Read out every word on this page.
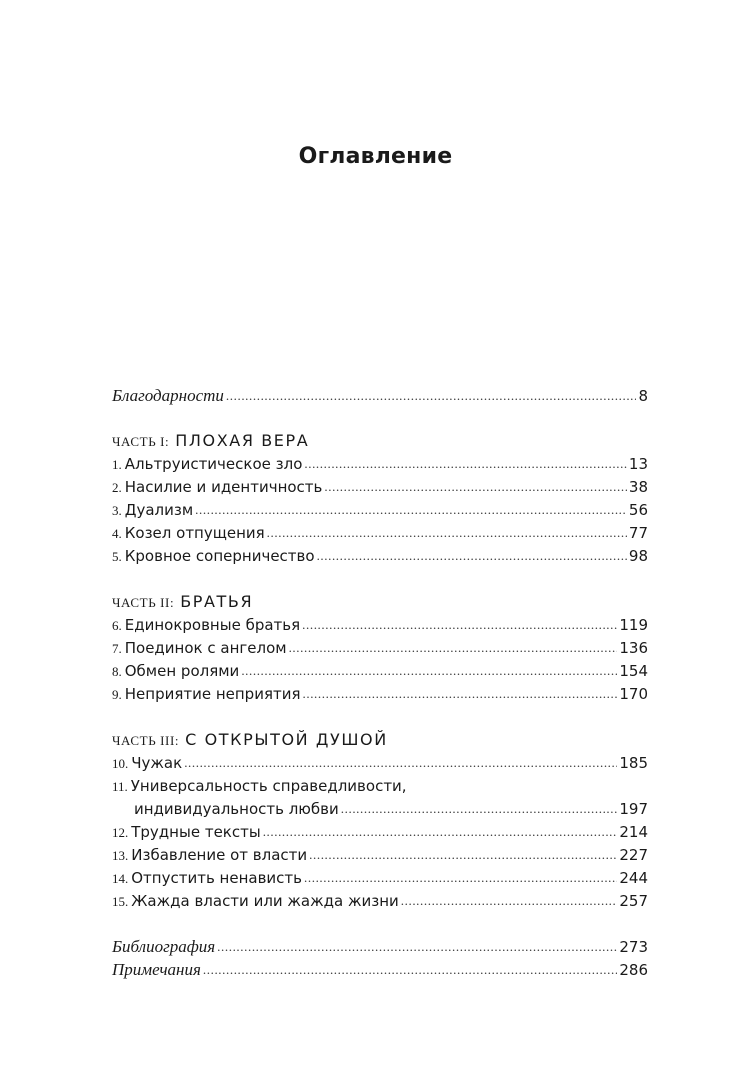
Оглавление
Благодарности .....	8
ЧАСТЬ I: ПЛОХАЯ ВЕРА
1. Альтруистическое зло .....	13
2. Насилие и идентичность .....	38
3. Дуализм .....	56
4. Козел отпущения .....	77
5. Кровное соперничество .....	98
ЧАСТЬ II: БРАТЬЯ
6. Единокровные братья .....	119
7. Поединок с ангелом .....	136
8. Обмен ролями .....	154
9. Неприятие неприятия .....	170
ЧАСТЬ III: С ОТКРЫТОЙ ДУШОЙ
10. Чужак .....	185
11. Универсальность справедливости,
индивидуальность любви .....	197
12. Трудные тексты .....	214
13. Избавление от власти .....	227
14. Отпустить ненависть .....	244
15. Жажда власти или жажда жизни .....	257
Библиография .....	273
Примечания .....	286
